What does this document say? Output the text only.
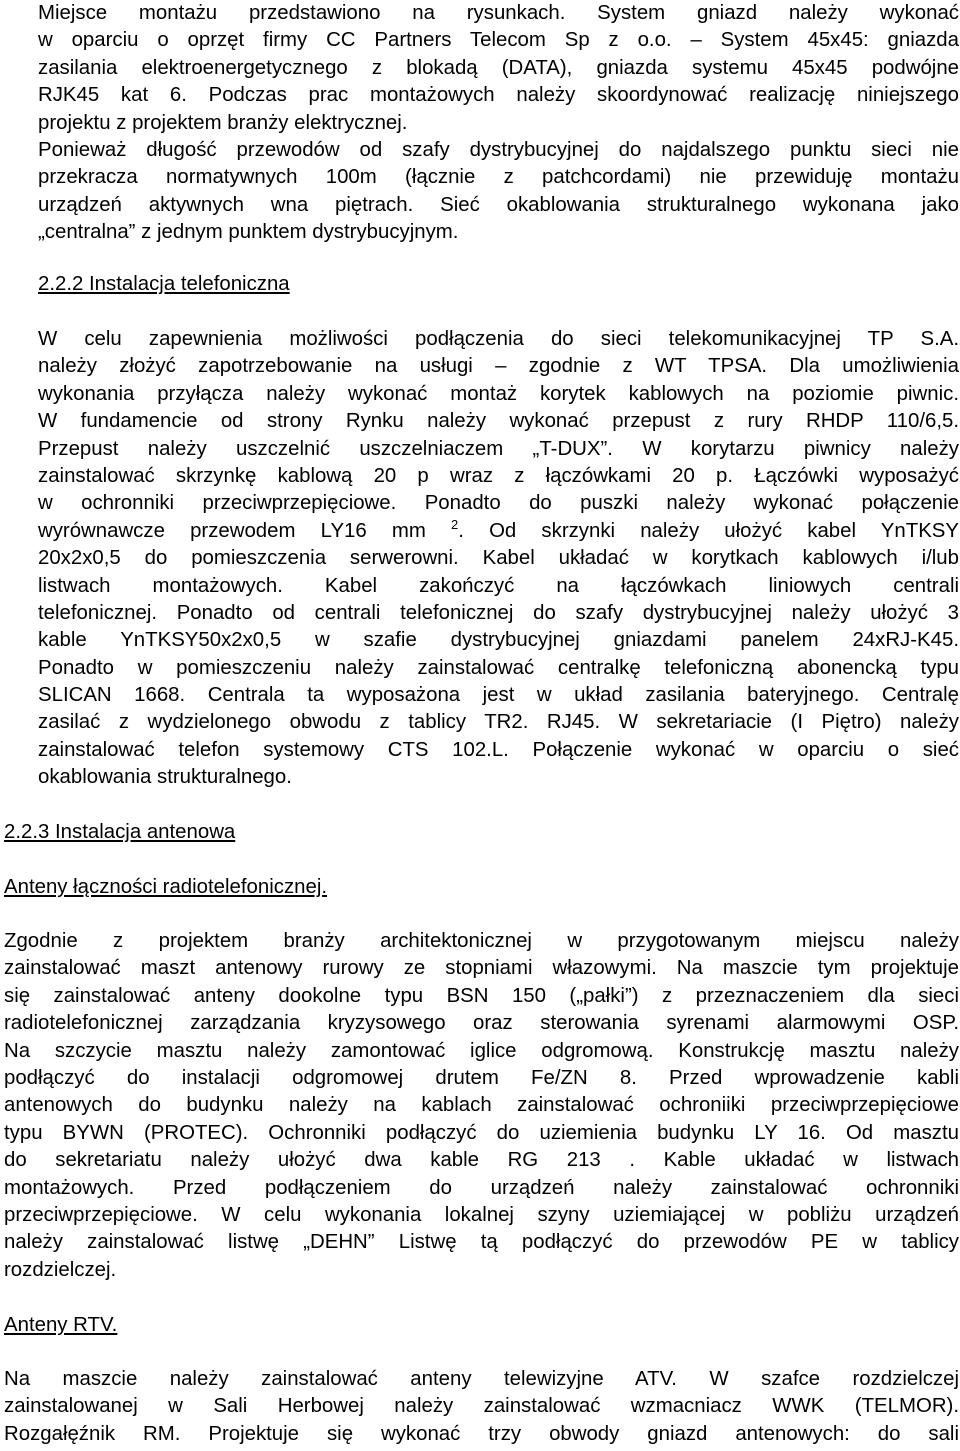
Miejsce montażu przedstawiono na rysunkach. System gniazd należy wykonać
w oparciu o oprzęt firmy CC Partners Telecom Sp z o.o. – System 45x45: gniazda
zasilania elektroenergetycznego z blokadą (DATA), gniazda systemu 45x45 podwójne
RJK45 kat 6. Podczas prac montażowych należy skoordynować realizację niniejszego
projektu z projektem branży elektrycznej.
Ponieważ długość przewodów od szafy dystrybucyjnej do najdalszego punktu sieci nie
przekracza normatywnych 100m (łącznie z patchcordami) nie przewiduję montażu
urządzeń aktywnych wna piętrach. Sieć okablowania strukturalnego wykonana jako
„centralna” z jednym punktem dystrybucyjnym.
2.2.2 Instalacja telefoniczna
W celu zapewnienia możliwości podłączenia do sieci telekomunikacyjnej TP S.A.
należy złożyć zapotrzebowanie na usługi – zgodnie z WT TPSA. Dla umożliwienia
wykonania przyłącza należy wykonać montaż korytek kablowych na poziomie piwnic.
W fundamencie od strony Rynku należy wykonać przepust z rury RHDP 110/6,5.
Przepust należy uszczelnić uszczelniaczem „T-DUX”. W korytarzu piwnicy należy
zainstalować skrzynkę kablową 20 p wraz z łączówkami 20 p. Łączówki wyposażyć
w ochronniki przeciwprzepięciowe. Ponadto do puszki należy wykonać połączenie
wyrównawcze przewodem LY16 mm $^2$. Od skrzynki należy ułożyć kabel YnTKSY
20x2x0,5 do pomieszczenia serwerowni. Kabel układać w korytkach kablowych i/lub
listwach montażowych. Kabel zakończyć na łączówkach liniowych centrali
telefonicznej. Ponadto od centrali telefonicznej do szafy dystrybucyjnej należy ułożyć 3
kable YnTKSY50x2x0,5 w szafie dystrybucyjnej gniazdami panelem 24xRJ-K45.
Ponadto w pomieszczeniu należy zainstalować centralkę telefoniczną abonencką typu
SLICAN 1668. Centrala ta wyposażona jest w układ zasilania bateryjnego. Centralę
zasilać z wydzielonego obwodu z tablicy TR2. RJ45. W sekretariacie (I Piętro) należy
zainstalować telefon systemowy CTS 102.L. Połączenie wykonać w oparciu o sieć
okablowania strukturalnego.
2.2.3 Instalacja antenowa
Anteny łączności radiotelefonicznej.
Zgodnie z projektem branży architektonicznej w przygotowanym miejscu należy
zainstalować maszt antenowy rurowy ze stopniami włazowymi. Na maszcie tym projektuje
się zainstalować anteny dookolne typu BSN 150 („pałki”) z przeznaczeniem dla sieci
radiotelefonicznej zarządzania kryzysowego oraz sterowania syrenami alarmowymi OSP.
Na szczycie masztu należy zamontować iglice odgromową. Konstrukcję masztu należy
podłączyć do instalacji odgromowej drutem Fe/ZN 8. Przed wprowadzenie kabli
antenowych do budynku należy na kablach zainstalować ochroniiki przeciwprzepięciowe
typu BYWN (PROTEC). Ochronniki podłączyć do uziemienia budynku LY 16. Od masztu
do sekretariatu należy ułożyć dwa kable RG 213 . Kable układać w listwach
montażowych. Przed podłączeniem do urządzeń należy zainstalować ochronniki
przeciwprzepięciowe. W celu wykonania lokalnej szyny uziemiającej w pobliżu urządzeń
należy zainstalować listwę „DEHN” Listwę tą podłączyć do przewodów PE w tablicy
rozdzielczej.
Anteny RTV.
Na maszcie należy zainstalować anteny telewizyjne ATV. W szafce rozdzielczej
zainstalowanej w Sali Herbowej należy zainstalować wzmacniacz WWK (TELMOR).
Rozgałęźnik RM. Projektuje się wykonać trzy obwody gniazd antenowych: do sali
